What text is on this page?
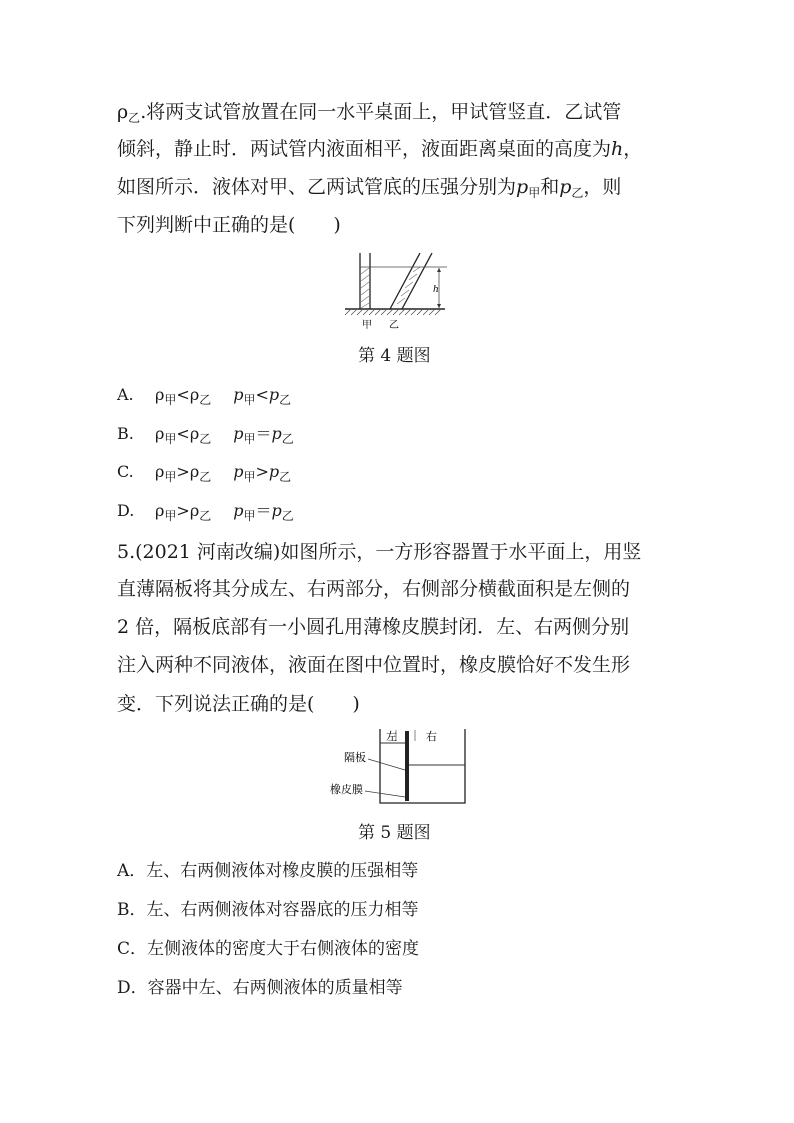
$\rho_乙$.将两支试管放置在同一水平桌面上，甲试管竖直．乙试管
倾斜，静止时．两试管内液面相平，液面距离桌面的高度为h，
如图所示．液体对甲、乙两试管底的压强分别为$p_甲$和$p_乙$，则
下列判断中正确的是(　　)
h
甲 乙
第 4 题图
A. $\rho_甲<\rho_乙$ $p_甲<p_乙$
B. $\rho_甲<\rho_乙$ $p_甲=p_乙$
C. $\rho_甲>\rho_乙$ $p_甲>p_乙$
D. $\rho_甲>\rho_乙$ $p_甲=p_乙$
5.(2021 河南改编)如图所示，一方形容器置于水平面上，用竖
直薄隔板将其分成左、右两部分，右侧部分横截面积是左侧的
2 倍，隔板底部有一小圆孔用薄橡皮膜封闭．左、右两侧分别
注入两种不同液体，液面在图中位置时，橡皮膜恰好不发生形
变．下列说法正确的是(　　)
左	右
隔板
橡皮膜
第 5 题图
A．左、右两侧液体对橡皮膜的压强相等
B．左、右两侧液体对容器底的压力相等
C．左侧液体的密度大于右侧液体的密度
D．容器中左、右两侧液体的质量相等
